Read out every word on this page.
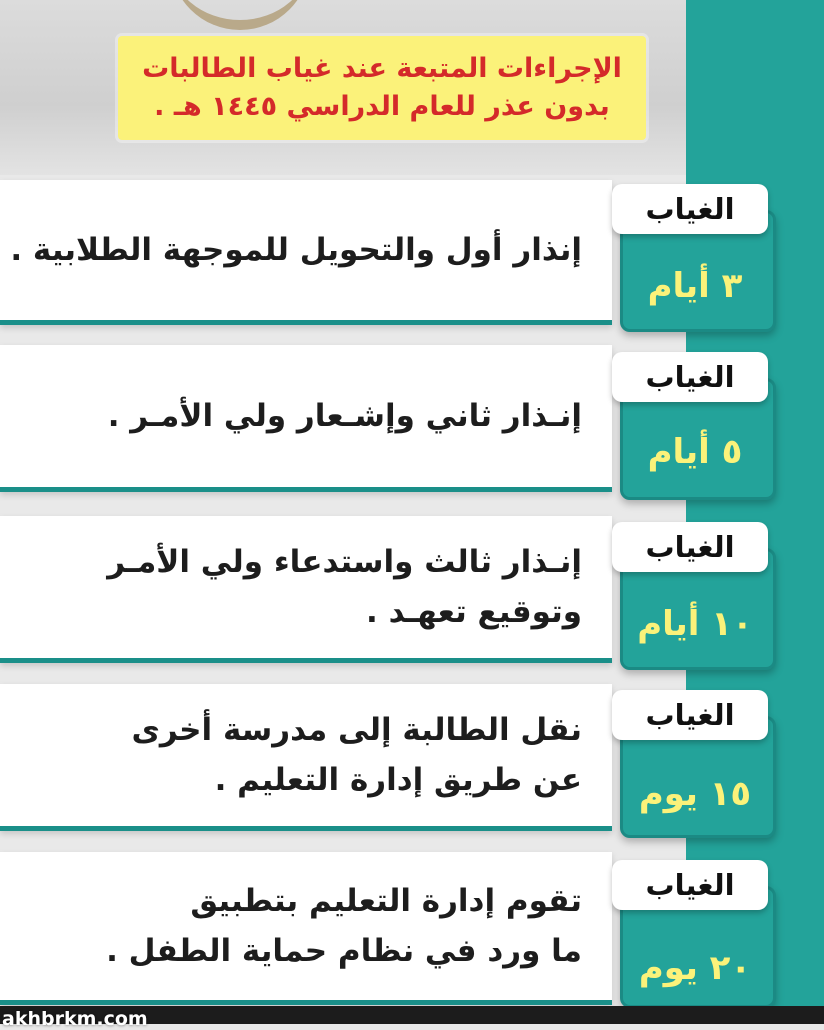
الإجراءات المتبعة عند غياب الطالبات
بدون عذر للعام الدراسي ١٤٤٥ هـ .
إنذار أول والتحويل للموجهة الطلابية .
الغياب
٣ أيام
إنـذار ثاني وإشـعار ولي الأمـر .
الغياب
٥ أيام
إنـذار ثالث واستدعاء ولي الأمـر
وتوقيع تعهـد .
الغياب
١٠ أيام
نقل الطالبة إلى مدرسة أخرى
عن طريق إدارة التعليم .
الغياب
١٥ يوم
تقوم إدارة التعليم بتطبيق
ما ورد في نظام حماية الطفل .
الغياب
٢٠ يوم
akhbrkm.com
